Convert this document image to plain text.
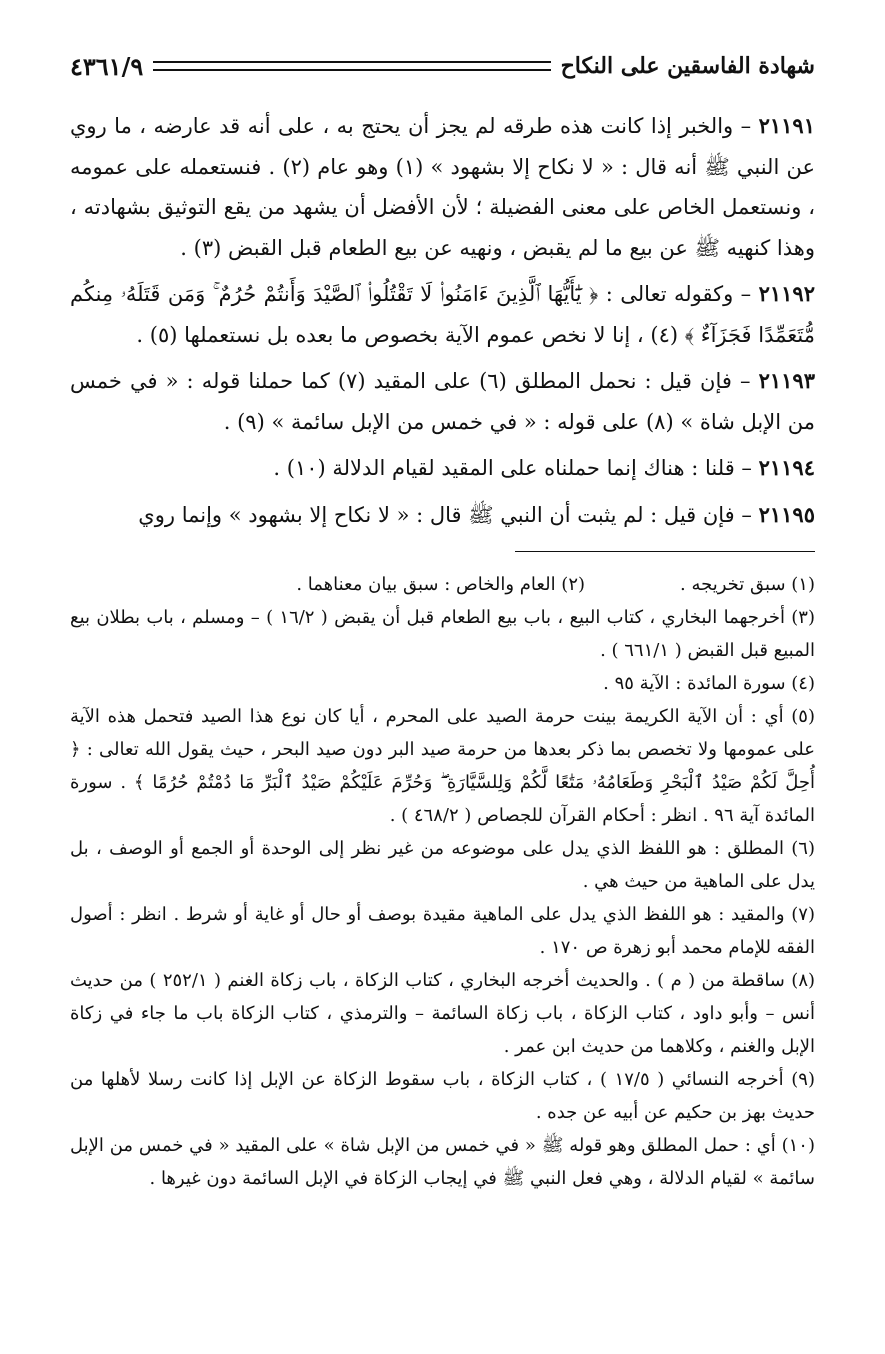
شهادة الفاسقين على النكاح
٤٣٦١/٩

٢١١٩١ – والخبر إذا كانت هذه طرقه لم يجز أن يحتج به ، على أنه قد عارضه ، ما روي عن النبي ﷺ أنه قال : « لا نكاح إلا بشهود » (١) وهو عام (٢) . فنستعمله على عمومه ، ونستعمل الخاص على معنى الفضيلة ؛ لأن الأفضل أن يشهد من يقع التوثيق بشهادته ، وهذا كنهيه ﷺ عن بيع ما لم يقبض ، ونهيه عن بيع الطعام قبل القبض (٣) .

٢١١٩٢ – وكقوله تعالى : ﴿ يَٰٓأَيُّهَا ٱلَّذِينَ ءَامَنُوا۟ لَا تَقْتُلُوا۟ ٱلصَّيْدَ وَأَنتُمْ حُرُمٌ ۚ وَمَن قَتَلَهُۥ مِنكُم مُّتَعَمِّدًا فَجَزَآءٌ ﴾ (٤) ، إنا لا نخص عموم الآية بخصوص ما بعده بل نستعملها (٥) .

٢١١٩٣ – فإن قيل : نحمل المطلق (٦) على المقيد (٧) كما حملنا قوله : « في خمس من الإبل شاة » (٨) على قوله : « في خمس من الإبل سائمة » (٩) .

٢١١٩٤ – قلنا : هناك إنما حملناه على المقيد لقيام الدلالة (١٠) .

٢١١٩٥ – فإن قيل : لم يثبت أن النبي ﷺ قال : « لا نكاح إلا بشهود » وإنما روي

(١) سبق تخريجه .
(٢) العام والخاص : سبق بيان معناهما .

(٣) أخرجهما البخاري ، كتاب البيع ، باب بيع الطعام قبل أن يقبض ( ١٦/٢ ) – ومسلم ، باب بطلان بيع المبيع قبل القبض ( ٦٦١/١ ) .

(٤) سورة المائدة : الآية ٩٥ .

(٥) أي : أن الآية الكريمة بينت حرمة الصيد على المحرم ، أيا كان نوع هذا الصيد فتحمل هذه الآية على عمومها ولا تخصص بما ذكر بعدها من حرمة صيد البر دون صيد البحر ، حيث يقول الله تعالى : ﴿ أُحِلَّ لَكُمْ صَيْدُ ٱلْبَحْرِ وَطَعَامُهُۥ مَتَٰعًا لَّكُمْ وَلِلسَّيَّارَةِ ۖ وَحُرِّمَ عَلَيْكُمْ صَيْدُ ٱلْبَرِّ مَا دُمْتُمْ حُرُمًا ﴾ . سورة المائدة آية ٩٦ . انظر : أحكام القرآن للجصاص ( ٤٦٨/٢ ) .

(٦) المطلق : هو اللفظ الذي يدل على موضوعه من غير نظر إلى الوحدة أو الجمع أو الوصف ، بل يدل على الماهية من حيث هي .

(٧) والمقيد : هو اللفظ الذي يدل على الماهية مقيدة بوصف أو حال أو غاية أو شرط . انظر : أصول الفقه للإمام محمد أبو زهرة ص ١٧٠ .

(٨) ساقطة من ( م ) . والحديث أخرجه البخاري ، كتاب الزكاة ، باب زكاة الغنم ( ٢٥٢/١ ) من حديث أنس – وأبو داود ، كتاب الزكاة ، باب زكاة السائمة – والترمذي ، كتاب الزكاة باب ما جاء في زكاة الإبل والغنم ، وكلاهما من حديث ابن عمر .

(٩) أخرجه النسائي ( ١٧/٥ ) ، كتاب الزكاة ، باب سقوط الزكاة عن الإبل إذا كانت رسلا لأهلها من حديث بهز بن حكيم عن أبيه عن جده .

(١٠) أي : حمل المطلق وهو قوله ﷺ « في خمس من الإبل شاة » على المقيد « في خمس من الإبل سائمة » لقيام الدلالة ، وهي فعل النبي ﷺ في إيجاب الزكاة في الإبل السائمة دون غيرها .
